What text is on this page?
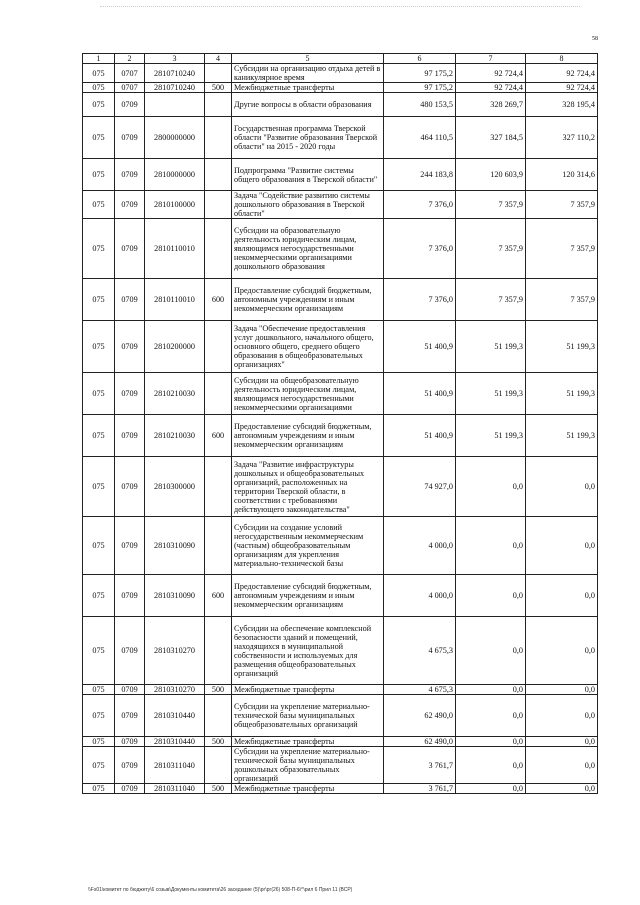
58
1	2	3	4	5	6	7	8
075	0707	2810710240		Субсидии на организацию отдыха детей в каникулярное время	97 175,2	92 724,4	92 724,4
075	0707	2810710240	500	Межбюджетные трансферты	97 175,2	92 724,4	92 724,4
075	0709			Другие вопросы в области образования	480 153,5	328 269,7	328 195,4
075	0709	2800000000		Государственная программа Тверской области "Развитие образования Тверской области" на 2015 - 2020 годы	464 110,5	327 184,5	327 110,2
075	0709	2810000000		Подпрограмма "Развитие системы общего образования в Тверской области"	244 183,8	120 603,9	120 314,6
075	0709	2810100000		Задача "Содействие развитию системы дошкольного образования в Тверской области"	7 376,0	7 357,9	7 357,9
075	0709	2810110010		Субсидии на образовательную деятельность юридическим лицам, являющимся негосударственными некоммерческими организациями дошкольного образования	7 376,0	7 357,9	7 357,9
075	0709	2810110010	600	Предоставление субсидий бюджетным, автономным учреждениям и иным некоммерческим организациям	7 376,0	7 357,9	7 357,9
075	0709	2810200000		Задача "Обеспечение предоставления услуг дошкольного, начального общего, основного общего, среднего общего образования в общеобразовательных организациях"	51 400,9	51 199,3	51 199,3
075	0709	2810210030		Субсидии на общеобразовательную деятельность юридическим лицам, являющимся негосударственными некоммерческими организациями	51 400,9	51 199,3	51 199,3
075	0709	2810210030	600	Предоставление субсидий бюджетным, автономным учреждениям и иным некоммерческим организациям	51 400,9	51 199,3	51 199,3
075	0709	2810300000		Задача "Развитие инфраструктуры дошкольных и общеобразовательных организаций, расположенных на территории Тверской области, в соответствии с требованиями действующего законодательства"	74 927,0	0,0	0,0
075	0709	2810310090		Субсидии на создание условий негосударственным некоммерческим (частным) общеобразовательным организациям для укрепления материально-технической базы	4 000,0	0,0	0,0
075	0709	2810310090	600	Предоставление субсидий бюджетным, автономным учреждениям и иным некоммерческим организациям	4 000,0	0,0	0,0
075	0709	2810310270		Субсидии на обеспечение комплексной безопасности зданий и помещений, находящихся в муниципальной собственности и используемых для размещения общеобразовательных организаций	4 675,3	0,0	0,0
075	0709	2810310270	500	Межбюджетные трансферты	4 675,3	0,0	0,0
075	0709	2810310440		Субсидии на укрепление материально-технической базы муниципальных общеобразовательных организаций	62 490,0	0,0	0,0
075	0709	2810310440	500	Межбюджетные трансферты	62 490,0	0,0	0,0
075	0709	2810311040		Субсидии на укрепление материально-технической базы муниципальных дошкольных образовательных организаций	3 761,7	0,0	0,0
075	0709	2810311040	500	Межбюджетные трансферты	3 761,7	0,0	0,0
\\Fs01\комитет по бюджету\6 созыв\Документы комитета\26 заседание (5)\рг\рг(26) 508-П-6\^\рил 6 Прил 11 (ВСР)
